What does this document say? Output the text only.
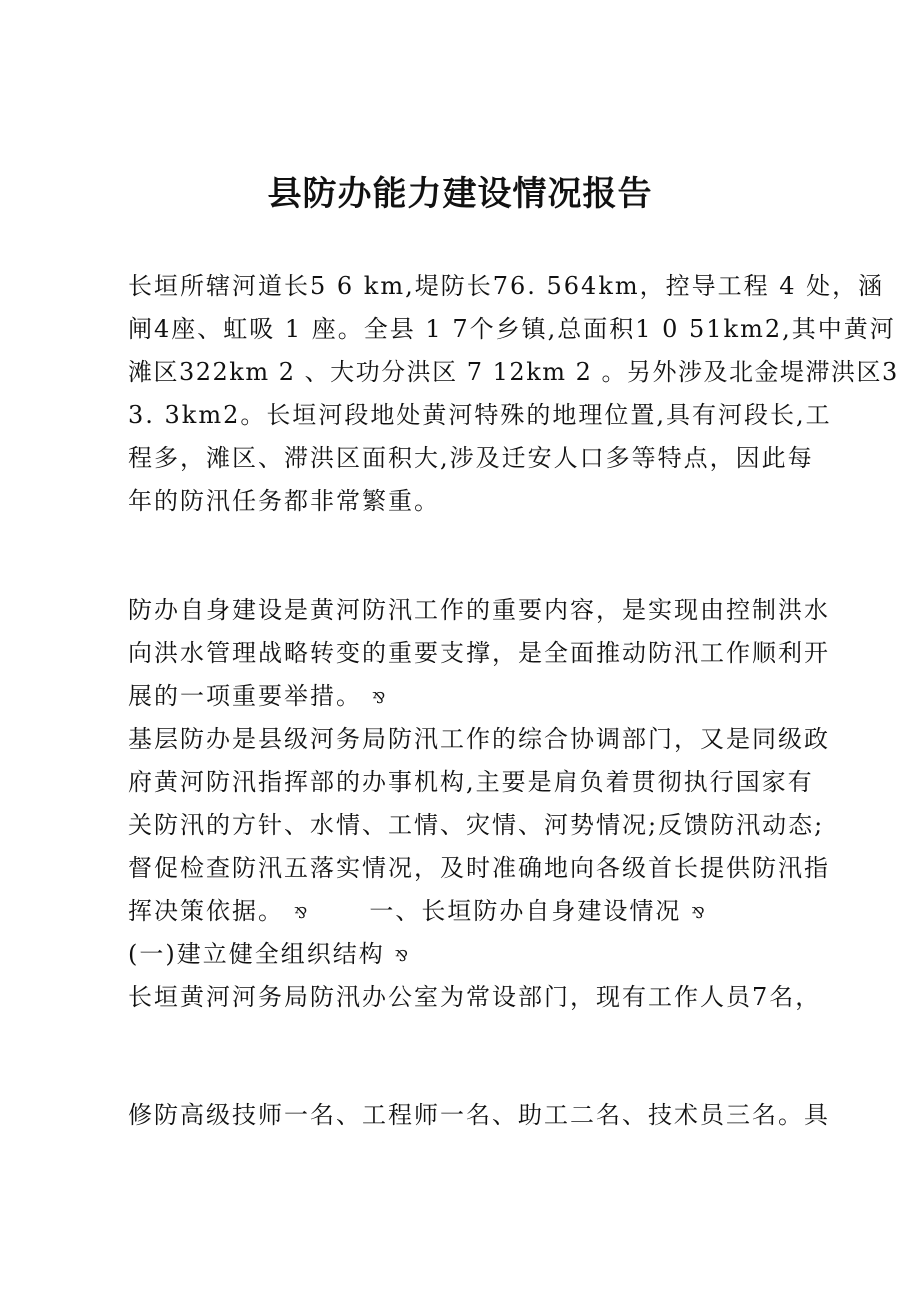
县防办能力建设情况报告
长垣所辖河道长5 6 km,堤防长76. 564km，控导工程 4 处，涵
闸4座、虹吸 1 座。全县 1 7个乡镇,总面积1 0 51km2,其中黄河
滩区322km 2 、大功分洪区 7 12km 2 。另外涉及北金堤滞洪区3
3. 3km2。长垣河段地处黄河特殊的地理位置,具有河段长,工
程多，滩区、滞洪区面积大,涉及迁安人口多等特点，因此每
年的防汛任务都非常繁重。
防办自身建设是黄河防汛工作的重要内容，是实现由控制洪水
向洪水管理战略转变的重要支撑，是全面推动防汛工作顺利开
展的一项重要举措。 ⅋
基层防办是县级河务局防汛工作的综合协调部门，又是同级政
府黄河防汛指挥部的办事机构,主要是肩负着贯彻执行国家有
关防汛的方针、水情、工情、灾情、河势情况;反馈防汛动态;
督促检查防汛五落实情况，及时准确地向各级首长提供防汛指
挥决策依据。 ⅋	一、长垣防办自身建设情况 ⅋
(一)建立健全组织结构 ⅋
长垣黄河河务局防汛办公室为常设部门，现有工作人员7名，
修防高级技师一名、工程师一名、助工二名、技术员三名。具
